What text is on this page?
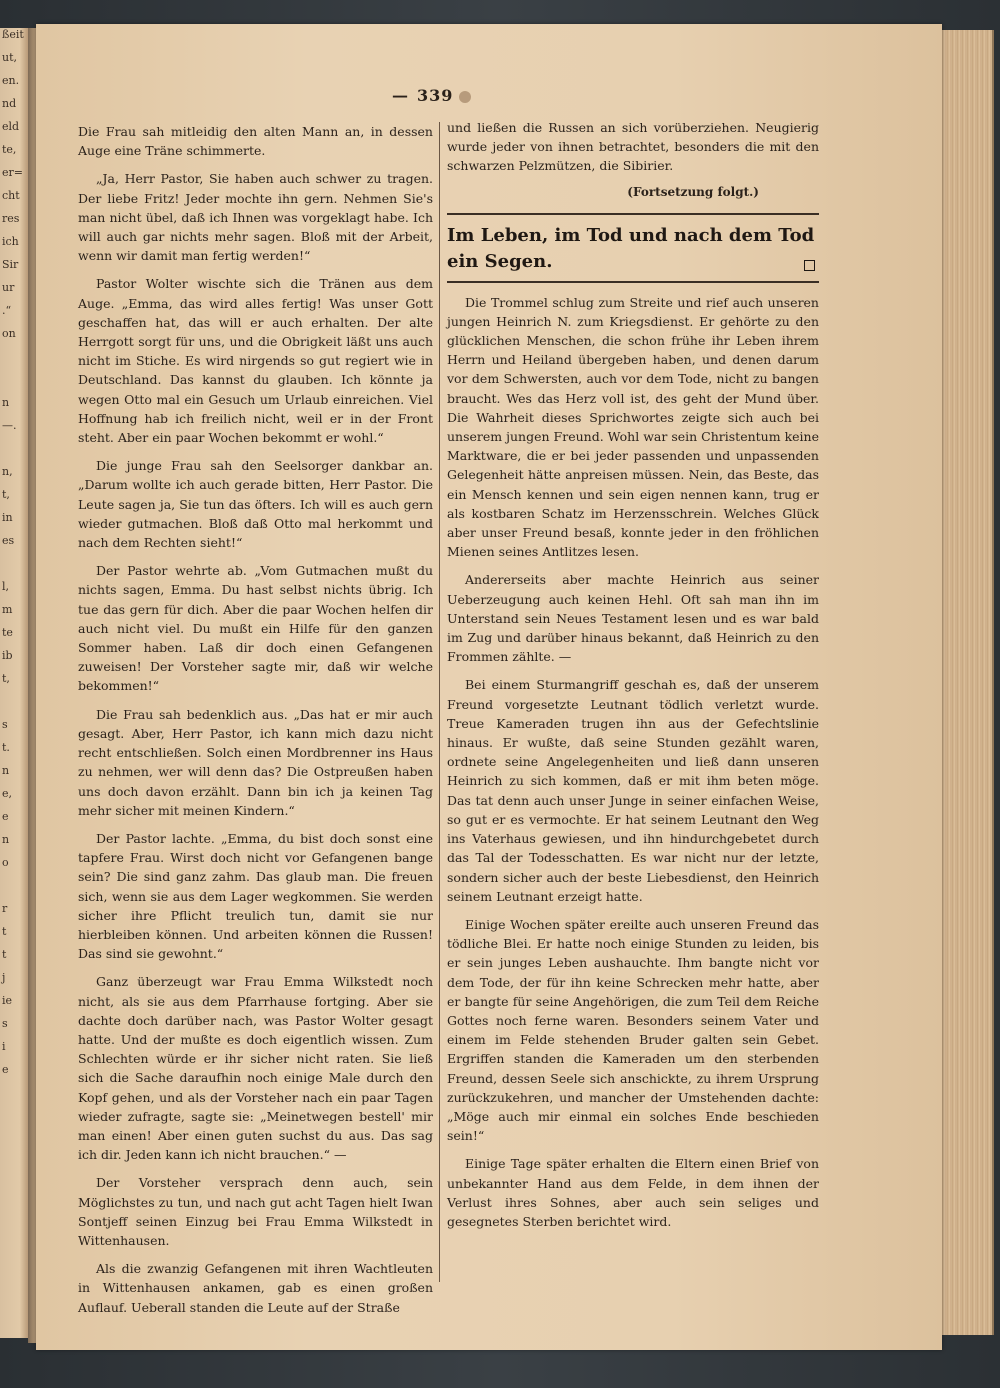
ßeit
ut,
en.
nd
eld
te,
er=
cht
res
ich
Sir
ur
.“
on
n
—.
n,
t,
in
es
l,
m
te
ib
t,
s
t.
n
e,
e
n
o
r
t
t
j
ie
s
i
e
— 339

Die Frau sah mitleidig den alten Mann an, in dessen Auge eine Träne schimmerte.

„Ja, Herr Pastor, Sie haben auch schwer zu tragen. Der liebe Fritz! Jeder mochte ihn gern. Nehmen Sie's man nicht übel, daß ich Ihnen was vorgeklagt habe. Ich will auch gar nichts mehr sagen. Bloß mit der Arbeit, wenn wir damit man fertig werden!“

Pastor Wolter wischte sich die Tränen aus dem Auge. „Emma, das wird alles fertig! Was unser Gott geschaffen hat, das will er auch erhalten. Der alte Herrgott sorgt für uns, und die Obrigkeit läßt uns auch nicht im Stiche. Es wird nirgends so gut regiert wie in Deutschland. Das kannst du glauben. Ich könnte ja wegen Otto mal ein Gesuch um Urlaub einreichen. Viel Hoffnung hab ich freilich nicht, weil er in der Front steht. Aber ein paar Wochen bekommt er wohl.“

Die junge Frau sah den Seelsorger dankbar an. „Darum wollte ich auch gerade bitten, Herr Pastor. Die Leute sagen ja, Sie tun das öfters. Ich will es auch gern wieder gutmachen. Bloß daß Otto mal herkommt und nach dem Rechten sieht!“

Der Pastor wehrte ab. „Vom Gutmachen mußt du nichts sagen, Emma. Du hast selbst nichts übrig. Ich tue das gern für dich. Aber die paar Wochen helfen dir auch nicht viel. Du mußt ein Hilfe für den ganzen Sommer haben. Laß dir doch einen Gefangenen zuweisen! Der Vorsteher sagte mir, daß wir welche bekommen!“

Die Frau sah bedenklich aus. „Das hat er mir auch gesagt. Aber, Herr Pastor, ich kann mich dazu nicht recht entschließen. Solch einen Mordbrenner ins Haus zu nehmen, wer will denn das? Die Ostpreußen haben uns doch davon erzählt. Dann bin ich ja keinen Tag mehr sicher mit meinen Kindern.“

Der Pastor lachte. „Emma, du bist doch sonst eine tapfere Frau. Wirst doch nicht vor Gefangenen bange sein? Die sind ganz zahm. Das glaub man. Die freuen sich, wenn sie aus dem Lager wegkommen. Sie werden sicher ihre Pflicht treulich tun, damit sie nur hierbleiben können. Und arbeiten können die Russen! Das sind sie gewohnt.“

Ganz überzeugt war Frau Emma Wilkstedt noch nicht, als sie aus dem Pfarrhause fortging. Aber sie dachte doch darüber nach, was Pastor Wolter gesagt hatte. Und der mußte es doch eigentlich wissen. Zum Schlechten würde er ihr sicher nicht raten. Sie ließ sich die Sache daraufhin noch einige Male durch den Kopf gehen, und als der Vorsteher nach ein paar Tagen wieder zufragte, sagte sie: „Meinetwegen bestell' mir man einen! Aber einen guten suchst du aus. Das sag ich dir. Jeden kann ich nicht brauchen.“ —

Der Vorsteher versprach denn auch, sein Möglichstes zu tun, und nach gut acht Tagen hielt Iwan Sontjeff seinen Einzug bei Frau Emma Wilkstedt in Wittenhausen.

Als die zwanzig Gefangenen mit ihren Wachtleuten in Wittenhausen ankamen, gab es einen großen Auflauf. Ueberall standen die Leute auf der Straße

und ließen die Russen an sich vorüberziehen. Neugierig wurde jeder von ihnen betrachtet, besonders die mit den schwarzen Pelzmützen, die Sibirier.

(Fortsetzung folgt.)
Im Leben, im Tod und nach dem Tod ein Segen.

Die Trommel schlug zum Streite und rief auch unseren jungen Heinrich N. zum Kriegsdienst. Er gehörte zu den glücklichen Menschen, die schon frühe ihr Leben ihrem Herrn und Heiland übergeben haben, und denen darum vor dem Schwersten, auch vor dem Tode, nicht zu bangen braucht. Wes das Herz voll ist, des geht der Mund über. Die Wahrheit dieses Sprichwortes zeigte sich auch bei unserem jungen Freund. Wohl war sein Christentum keine Marktware, die er bei jeder passenden und unpassenden Gelegenheit hätte anpreisen müssen. Nein, das Beste, das ein Mensch kennen und sein eigen nennen kann, trug er als kostbaren Schatz im Herzensschrein. Welches Glück aber unser Freund besaß, konnte jeder in den fröhlichen Mienen seines Antlitzes lesen.

Andererseits aber machte Heinrich aus seiner Ueberzeugung auch keinen Hehl. Oft sah man ihn im Unterstand sein Neues Testament lesen und es war bald im Zug und darüber hinaus bekannt, daß Heinrich zu den Frommen zählte. —

Bei einem Sturmangriff geschah es, daß der unserem Freund vorgesetzte Leutnant tödlich verletzt wurde. Treue Kameraden trugen ihn aus der Gefechtslinie hinaus. Er wußte, daß seine Stunden gezählt waren, ordnete seine Angelegenheiten und ließ dann unseren Heinrich zu sich kommen, daß er mit ihm beten möge. Das tat denn auch unser Junge in seiner einfachen Weise, so gut er es vermochte. Er hat seinem Leutnant den Weg ins Vaterhaus gewiesen, und ihn hindurchgebetet durch das Tal der Todesschatten. Es war nicht nur der letzte, sondern sicher auch der beste Liebesdienst, den Heinrich seinem Leutnant erzeigt hatte.

Einige Wochen später ereilte auch unseren Freund das tödliche Blei. Er hatte noch einige Stunden zu leiden, bis er sein junges Leben aushauchte. Ihm bangte nicht vor dem Tode, der für ihn keine Schrecken mehr hatte, aber er bangte für seine Angehörigen, die zum Teil dem Reiche Gottes noch ferne waren. Besonders seinem Vater und einem im Felde stehenden Bruder galten sein Gebet. Ergriffen standen die Kameraden um den sterbenden Freund, dessen Seele sich anschickte, zu ihrem Ursprung zurückzukehren, und mancher der Umstehenden dachte: „Möge auch mir einmal ein solches Ende beschieden sein!“

Einige Tage später erhalten die Eltern einen Brief von unbekannter Hand aus dem Felde, in dem ihnen der Verlust ihres Sohnes, aber auch sein seliges und gesegnetes Sterben berichtet wird.
